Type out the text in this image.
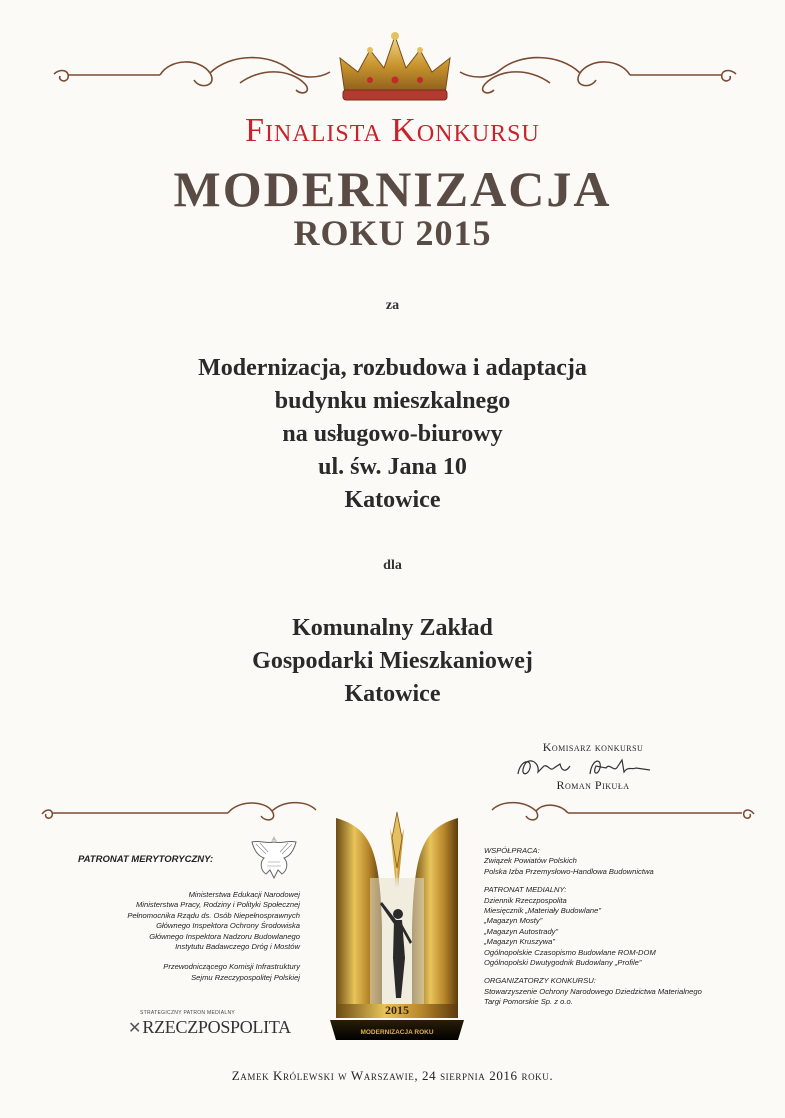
Finalista Konkursu
MODERNIZACJA
ROKU 2015
za
Modernizacja, rozbudowa i adaptacja
budynku mieszkalnego
na usługowo-biurowy
ul. św. Jana 10
Katowice
dla
Komunalny Zakład
Gospodarki Mieszkaniowej
Katowice
Komisarz konkursu
Roman Pikuła
PATRONAT MERYTORYCZNY:
Ministerstwa Edukacji Narodowej
Ministerstwa Pracy, Rodziny i Polityki Społecznej
Pełnomocnika Rządu ds. Osób Niepełnosprawnych
Głównego Inspektora Ochrony Środowiska
Głównego Inspektora Nadzoru Budowlanego
Instytutu Badawczego Dróg i Mostów
Przewodniczącego Komisji Infrastruktury
Sejmu Rzeczypospolitej Polskiej
STRATEGICZNY PATRON MEDIALNY
✕ RZECZPOSPOLITA
2015
MODERNIZACJA ROKU
WSPÓŁPRACA:
Związek Powiatów Polskich
Polska Izba Przemysłowo-Handlowa Budownictwa
PATRONAT MEDIALNY:
Dziennik Rzeczpospolita
Miesięcznik „Materiały Budowlane”
„Magazyn Mosty”
„Magazyn Autostrady”
„Magazyn Kruszywa”
Ogólnopolskie Czasopismo Budowlane ROM-DOM
Ogólnopolski Dwutygodnik Budowlany „Profile”
ORGANIZATORZY KONKURSU:
Stowarzyszenie Ochrony Narodowego Dziedzictwa Materialnego
Targi Pomorskie Sp. z o.o.
Zamek Królewski w Warszawie, 24 sierpnia 2016 roku.
